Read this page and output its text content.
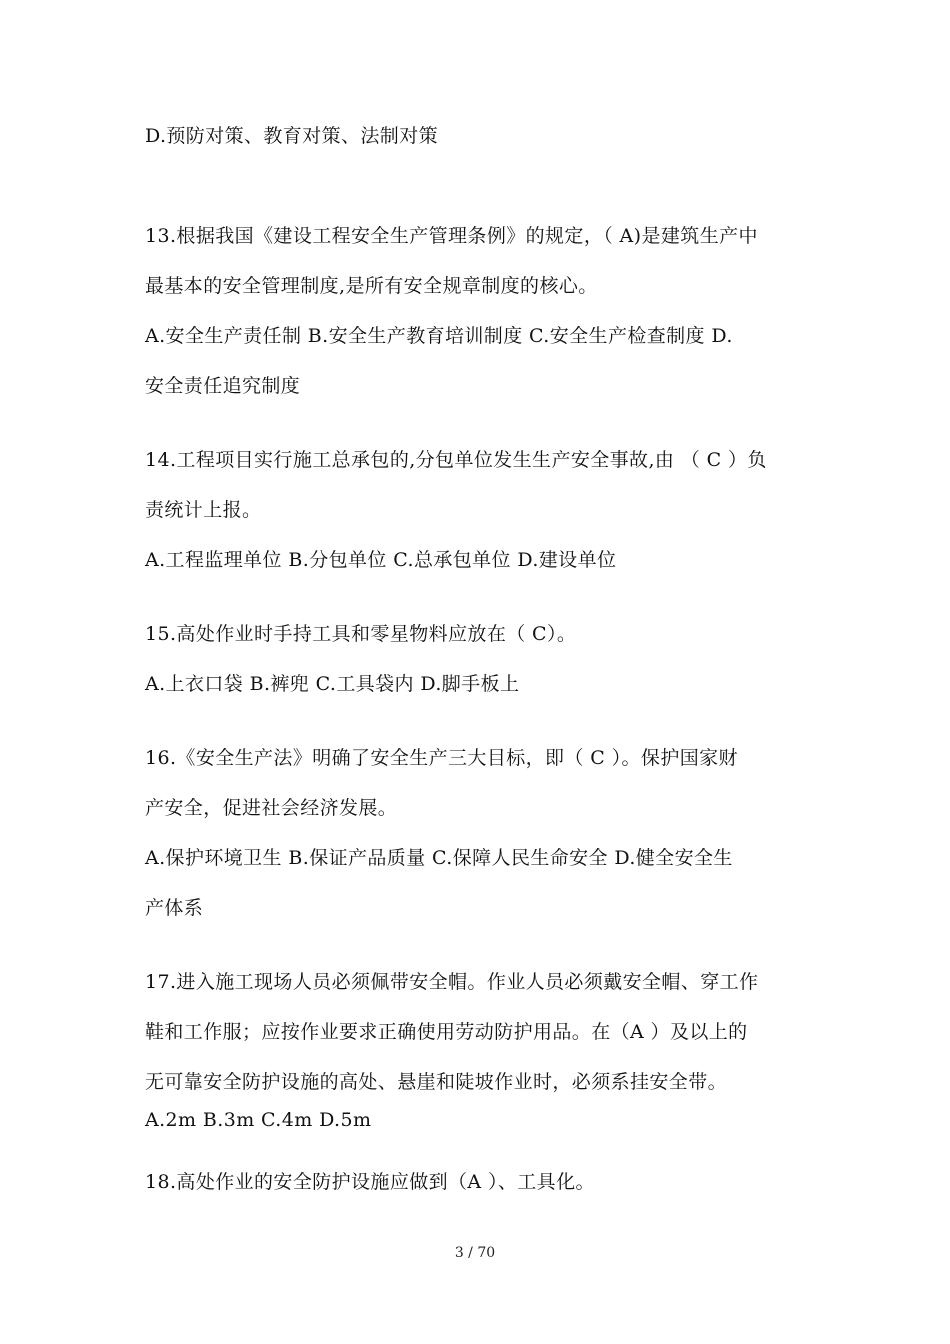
D.预防对策、教育对策、法制对策
13.根据我国《建设工程安全生产管理条例》的规定，（ A)是建筑生产中
最基本的安全管理制度,是所有安全规章制度的核心。
A.安全生产责任制 B.安全生产教育培训制度 C.安全生产检查制度 D.
安全责任追究制度
14.工程项目实行施工总承包的,分包单位发生生产安全事故,由 （ C ）负
责统计上报。
A.工程监理单位 B.分包单位 C.总承包单位 D.建设单位
15.高处作业时手持工具和零星物料应放在（ C）。
A.上衣口袋 B.裤兜 C.工具袋内 D.脚手板上
16.《安全生产法》明确了安全生产三大目标，即（ C ）。保护国家财
产安全，促进社会经济发展。
A.保护环境卫生 B.保证产品质量 C.保障人民生命安全 D.健全安全生
产体系
17.进入施工现场人员必须佩带安全帽。作业人员必须戴安全帽、穿工作
鞋和工作服；应按作业要求正确使用劳动防护用品。在（A ）及以上的
无可靠安全防护设施的高处、悬崖和陡坡作业时，必须系挂安全带。
A.2m B.3m C.4m D.5m
18.高处作业的安全防护设施应做到（A ）、工具化。
3 / 70
